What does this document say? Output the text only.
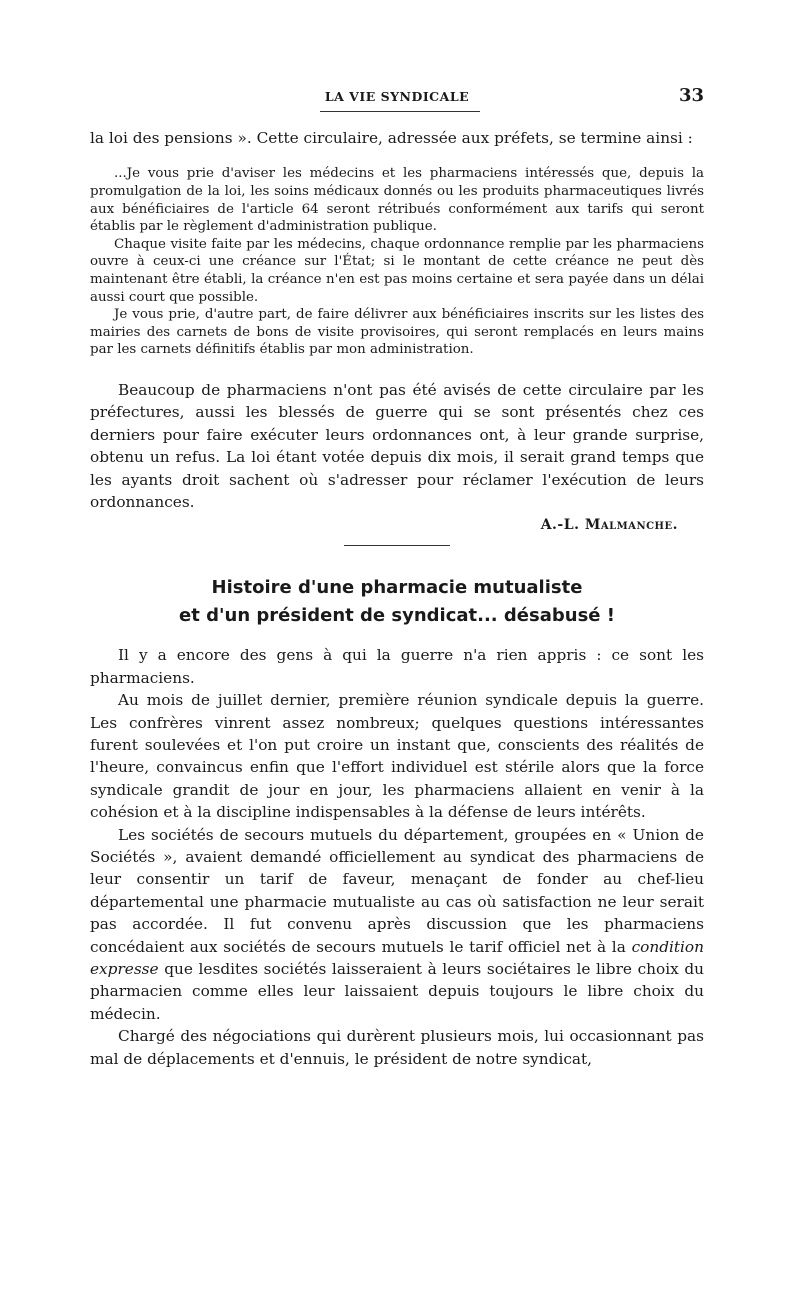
LA VIE SYNDICALE	33

la loi des pensions ». Cette circulaire, adressée aux préfets, se termine ainsi :

...Je vous prie d'aviser les médecins et les pharmaciens intéressés que, depuis la promulgation de la loi, les soins médicaux donnés ou les produits pharmaceutiques livrés aux bénéficiaires de l'article 64 seront rétribués conformément aux tarifs qui seront établis par le règlement d'administration publique.

Chaque visite faite par les médecins, chaque ordonnance remplie par les pharmaciens ouvre à ceux-ci une créance sur l'État; si le montant de cette créance ne peut dès maintenant être établi, la créance n'en est pas moins certaine et sera payée dans un délai aussi court que possible.

Je vous prie, d'autre part, de faire délivrer aux bénéficiaires inscrits sur les listes des mairies des carnets de bons de visite provisoires, qui seront remplacés en leurs mains par les carnets définitifs établis par mon administration.

Beaucoup de pharmaciens n'ont pas été avisés de cette circulaire par les préfectures, aussi les blessés de guerre qui se sont présentés chez ces derniers pour faire exécuter leurs ordonnances ont, à leur grande surprise, obtenu un refus. La loi étant votée depuis dix mois, il serait grand temps que les ayants droit sachent où s'adresser pour réclamer l'exécution de leurs ordonnances.

A.-L. Malmanche.
Histoire d'une pharmacie mutualiste
et d'un président de syndicat... désabusé !

Il y a encore des gens à qui la guerre n'a rien appris : ce sont les pharmaciens.

Au mois de juillet dernier, première réunion syndicale depuis la guerre. Les confrères vinrent assez nombreux; quelques questions intéressantes furent soulevées et l'on put croire un instant que, conscients des réalités de l'heure, convaincus enfin que l'effort individuel est stérile alors que la force syndicale grandit de jour en jour, les pharmaciens allaient en venir à la cohésion et à la discipline indispensables à la défense de leurs intérêts.

Les sociétés de secours mutuels du département, groupées en « Union de Sociétés », avaient demandé officiellement au syndicat des pharmaciens de leur consentir un tarif de faveur, menaçant de fonder au chef-lieu départemental une pharmacie mutualiste au cas où satisfaction ne leur serait pas accordée. Il fut convenu après discussion que les pharmaciens concédaient aux sociétés de secours mutuels le tarif officiel net à la condition expresse que lesdites sociétés laisseraient à leurs sociétaires le libre choix du pharmacien comme elles leur laissaient depuis toujours le libre choix du médecin.

Chargé des négociations qui durèrent plusieurs mois, lui occasionnant pas mal de déplacements et d'ennuis, le président de notre syndicat,
